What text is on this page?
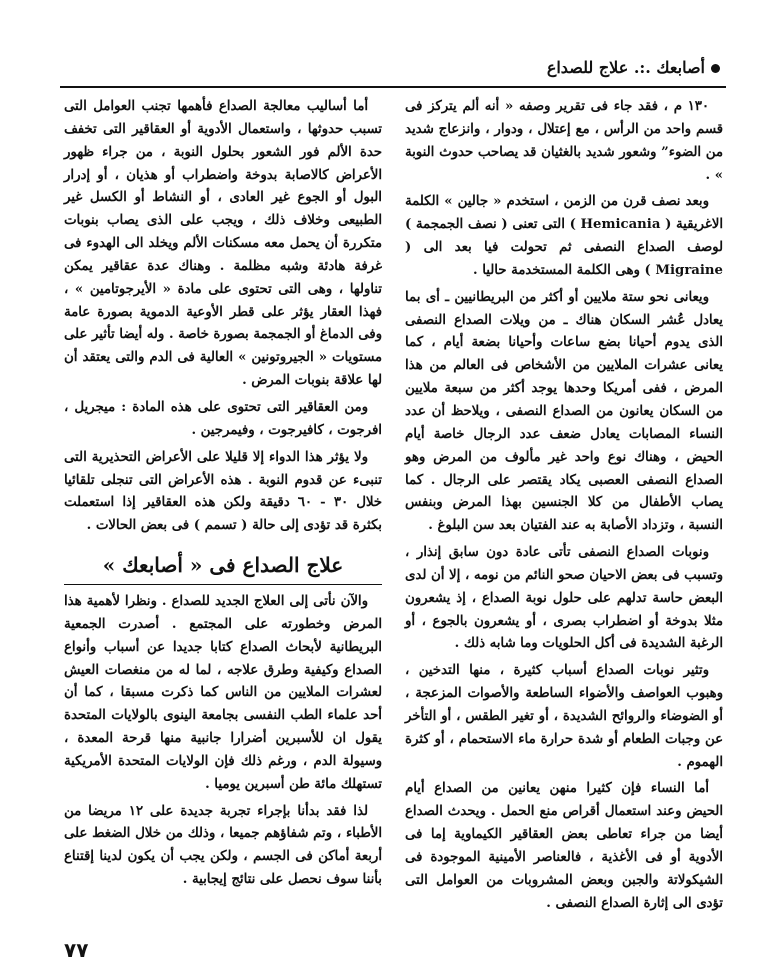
أصابعك .:. علاج للصداع

١٣٠ م ، فقد جاء فى تقرير وصفه « أنه ألم يتركز فى قسم واحد من الرأس ، مع إعتلال ، ودوار ، وانزعاج شديد من الضوء” وشعور شديد بالغثيان قد يصاحب حدوث النوبة » .

وبعد نصف قرن من الزمن ، استخدم « جالين » الكلمة الاغريقية ( Hemicania ) التى تعنى ( نصف الجمجمة ) لوصف الصداع النصفى ثم تحولت فيا بعد الى ( Migraine ) وهى الكلمة المستخدمة حاليا .

ويعانى نحو ستة ملايين أو أكثر من البريطانيين ـ أى بما يعادل عُشر السكان هناك ـ من ويلات الصداع النصفى الذى يدوم أحيانا بضع ساعات وأحيانا بضعة أيام ، كما يعانى عشرات الملايين من الأشخاص فى العالم من هذا المرض ، ففى أمريكا وحدها يوجد أكثر من سبعة ملايين من السكان يعانون من الصداع النصفى ، ويلاحظ أن عدد النساء المصابات يعادل ضعف عدد الرجال خاصة أيام الحيض ، وهناك نوع واحد غير مألوف من المرض وهو الصداع النصفى العصبى يكاد يقتصر على الرجال . كما يصاب الأطفال من كلا الجنسين بهذا المرض وبنفس النسبة ، وتزداد الأصابة به عند الفتيان بعد سن البلوغ .

ونوبات الصداع النصفى تأتى عادة دون سابق إنذار ، وتسبب فى بعض الاحيان صحو النائم من نومه ، إلا أن لدى البعض حاسة تدلهم على حلول نوبة الصداع ، إذ يشعرون مثلا بدوخة أو اضطراب بصرى ، أو يشعرون بالجوع ، أو الرغبة الشديدة فى أكل الحلويات وما شابه ذلك .

وتثير نوبات الصداع أسباب كثيرة ، منها التدخين ، وهبوب العواصف والأضواء الساطعة والأصوات المزعجة ، أو الضوضاء والروائح الشديدة ، أو تغير الطقس ، أو التأخر عن وجبات الطعام أو شدة حرارة ماء الاستحمام ، أو كثرة الهموم .

أما النساء فإن كثيرا منهن يعانين من الصداع أيام الحيض وعند استعمال أقراص منع الحمل . ويحدث الصداع أيضا من جراء تعاطى بعض العقاقير الكيماوية إما فى الأدوية أو فى الأغذية ، فالعناصر الأمينية الموجودة فى الشيكولاتة والجبن وبعض المشروبات من العوامل التى تؤدى الى إثارة الصداع النصفى .

أما أساليب معالجة الصداع فأهمها تجنب العوامل التى تسبب حدوثها ، واستعمال الأدوية أو العقاقير التى تخفف حدة الألم فور الشعور بحلول النوبة ، من جراء ظهور الأعراض كالاصابة بدوخة واضطراب أو هذيان ، أو إدرار البول أو الجوع غير العادى ، أو النشاط أو الكسل غير الطبيعى وخلاف ذلك ، ويجب على الذى يصاب بنوبات متكررة أن يحمل معه مسكنات الألم ويخلد الى الهدوء فى غرفة هادئة وشبه مظلمة . وهناك عدة عقاقير يمكن تناولها ، وهى التى تحتوى على مادة « الأيرجوتامين » ، فهذا العقار يؤثر على قطر الأوعية الدموية بصورة عامة وفى الدماغ أو الجمجمة بصورة خاصة . وله أيضا تأثير على مستويات « الجيروتونين » العالية فى الدم والتى يعتقد أن لها علاقة بنوبات المرض .

ومن العقاقير التى تحتوى على هذه المادة : ميجريل ، افرجوت ، كافيرجوت ، وفيمرجين .

ولا يؤثر هذا الدواء إلا قليلا على الأعراض التحذيرية التى تنبىء عن قدوم النوبة . هذه الأعراض التى تنجلى تلقائيا خلال ٣٠ - ٦٠ دقيقة ولكن هذه العقاقير إذا استعملت بكثرة قد تؤدى إلى حالة ( تسمم ) فى بعض الحالات .

علاج الصداع فى « أصابعك »

والآن نأتى إلى العلاج الجديد للصداع . ونظرا لأهمية هذا المرض وخطورته على المجتمع . أصدرت الجمعية البريطانية لأبحاث الصداع كتابا جديدا عن أسباب وأنواع الصداع وكيفية وطرق علاجه ، لما له من منغصات العيش لعشرات الملايين من الناس كما ذكرت مسبقا ، كما أن أحد علماء الطب النفسى بجامعة الينوى بالولايات المتحدة يقول ان للأسبرين أضرارا جانبية منها قرحة المعدة ، وسيولة الدم ، ورغم ذلك فإن الولايات المتحدة الأمريكية تستهلك مائة طن أسبرين يوميا .

لذا فقد بدأنا بإجراء تجربة جديدة على ١٢ مريضا من الأطباء ، وتم شفاؤهم جميعا ، وذلك من خلال الضغط على أربعة أماكن فى الجسم ، ولكن يجب أن يكون لدينا إقتناع بأننا سوف نحصل على نتائج إيجابية .

٧٧
